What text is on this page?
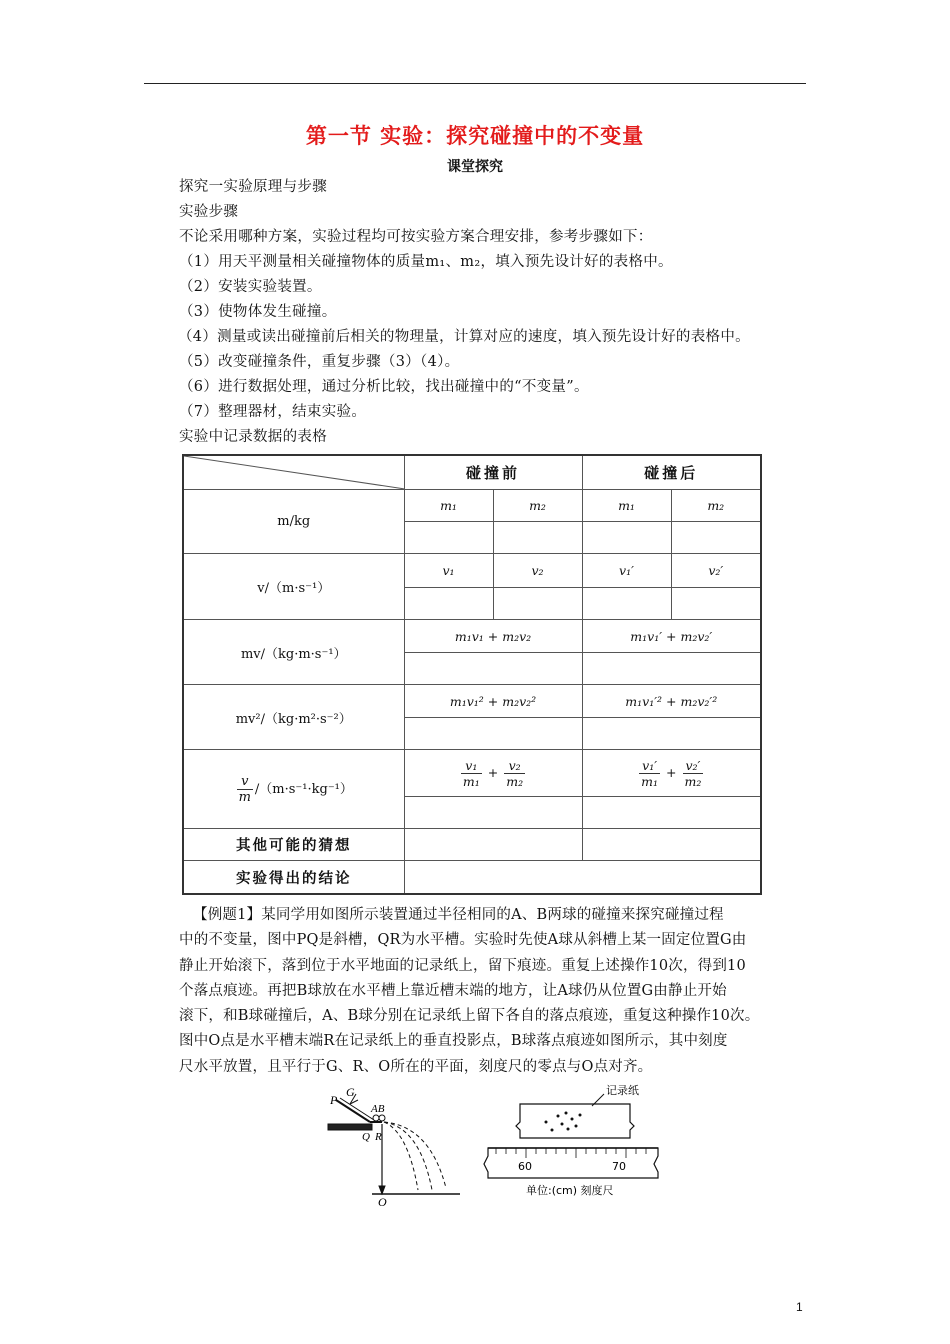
第一节 实验：探究碰撞中的不变量
课堂探究
探究一实验原理与步骤
实验步骤
不论采用哪种方案，实验过程均可按实验方案合理安排，参考步骤如下：
（1）用天平测量相关碰撞物体的质量m₁、m₂，填入预先设计好的表格中。
（2）安装实验装置。
（3）使物体发生碰撞。
（4）测量或读出碰撞前后相关的物理量，计算对应的速度，填入预先设计好的表格中。
（5）改变碰撞条件，重复步骤（3）（4）。
（6）进行数据处理，通过分析比较，找出碰撞中的“不变量”。
（7）整理器材，结束实验。
实验中记录数据的表格
	碰撞前		碰撞后	
m/kg	m₁	m₂	m₁	m₂

v/（m·s⁻¹）	v₁	v₂	v₁′	v₂′

mv/（kg·m·s⁻¹）	m₁v₁ + m₂v₂		m₁v₁′ + m₂v₂′	

mv²/（kg·m²·s⁻²）	m₁v₁² + m₂v₂²		m₁v₁′² + m₂v₂′²	

$\frac{v}{m} /(m\cdot s^{-1}\cdot kg^{-1})$	$\frac{\text{v₁}}{\text{m₁}} + \frac{\text{v₂}}{\text{m₂}}$		$\frac{\text{v₁′}}{\text{m₁}} + \frac{\text{v₂′}}{\text{m₂}}$

其他可能的猜想				
实验得出的结论				
【例题1】某同学用如图所示装置通过半径相同的A、B两球的碰撞来探究碰撞过程
中的不变量，图中PQ是斜槽，QR为水平槽。实验时先使A球从斜槽上某一固定位置G由
静止开始滚下，落到位于水平地面的记录纸上，留下痕迹。重复上述操作10次，得到10
个落点痕迹。再把B球放在水平槽上靠近槽末端的地方，让A球仍从位置G由静止开始
滚下，和B球碰撞后，A、B球分别在记录纸上留下各自的落点痕迹，重复这种操作10次。
图中O点是水平槽末端R在记录纸上的垂直投影点，B球落点痕迹如图所示，其中刻度
尺水平放置，且平行于G、R、O所在的平面，刻度尺的零点与O点对齐。
P
G
AB
Q R
O
记录纸
60	70
单位:(cm) 刻度尺
1
